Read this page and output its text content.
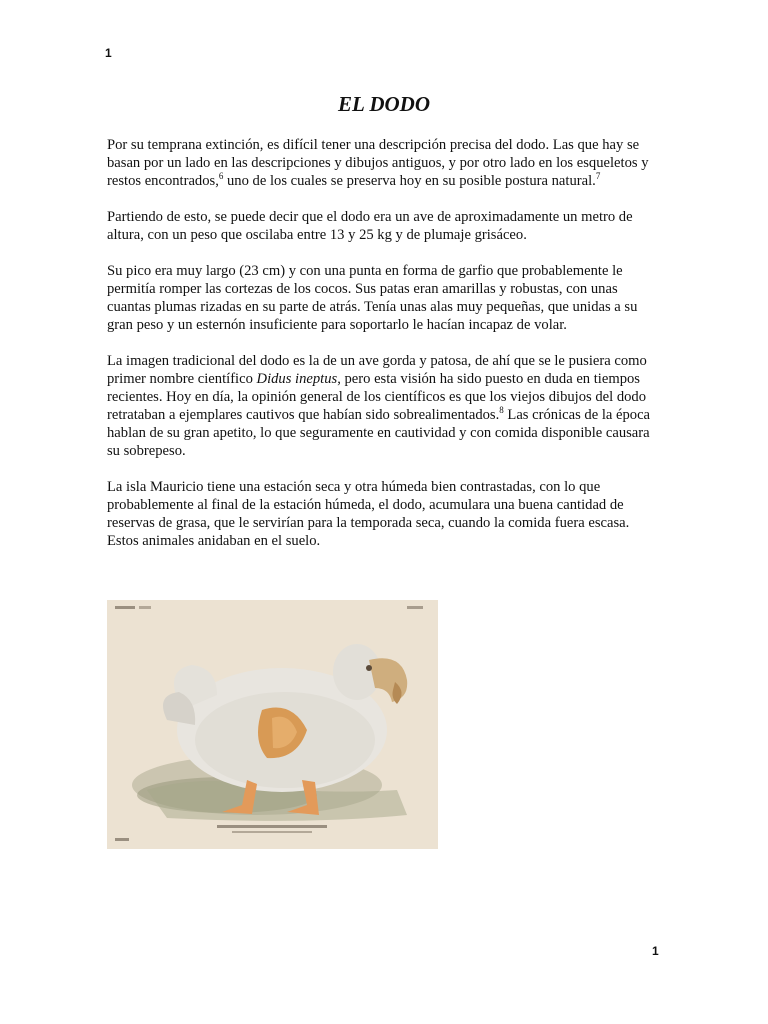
1
EL DODO

Por su temprana extinción, es difícil tener una descripción precisa del dodo. Las que hay se basan por un lado en las descripciones y dibujos antiguos, y por otro lado en los esqueletos y restos encontrados,$^6$ uno de los cuales se preserva hoy en su posible postura natural.$^7$

Partiendo de esto, se puede decir que el dodo era un ave de aproximadamente un metro de altura, con un peso que oscilaba entre 13 y 25 kg y de plumaje grisáceo.

Su pico era muy largo (23 cm) y con una punta en forma de garfio que probablemente le permitía romper las cortezas de los cocos. Sus patas eran amarillas y robustas, con unas cuantas plumas rizadas en su parte de atrás. Tenía unas alas muy pequeñas, que unidas a su gran peso y un esternón insuficiente para soportarlo le hacían incapaz de volar.

La imagen tradicional del dodo es la de un ave gorda y patosa, de ahí que se le pusiera como primer nombre científico Didus ineptus, pero esta visión ha sido puesto en duda en tiempos recientes. Hoy en día, la opinión general de los científicos es que los viejos dibujos del dodo retrataban a ejemplares cautivos que habían sido sobrealimentados.$^8$ Las crónicas de la época hablan de su gran apetito, lo que seguramente en cautividad y con comida disponible causara su sobrepeso.

La isla Mauricio tiene una estación seca y otra húmeda bien contrastadas, con lo que probablemente al final de la estación húmeda, el dodo, acumulara una buena cantidad de reservas de grasa, que le servirían para la temporada seca, cuando la comida fuera escasa. Estos animales anidaban en el suelo.

1
